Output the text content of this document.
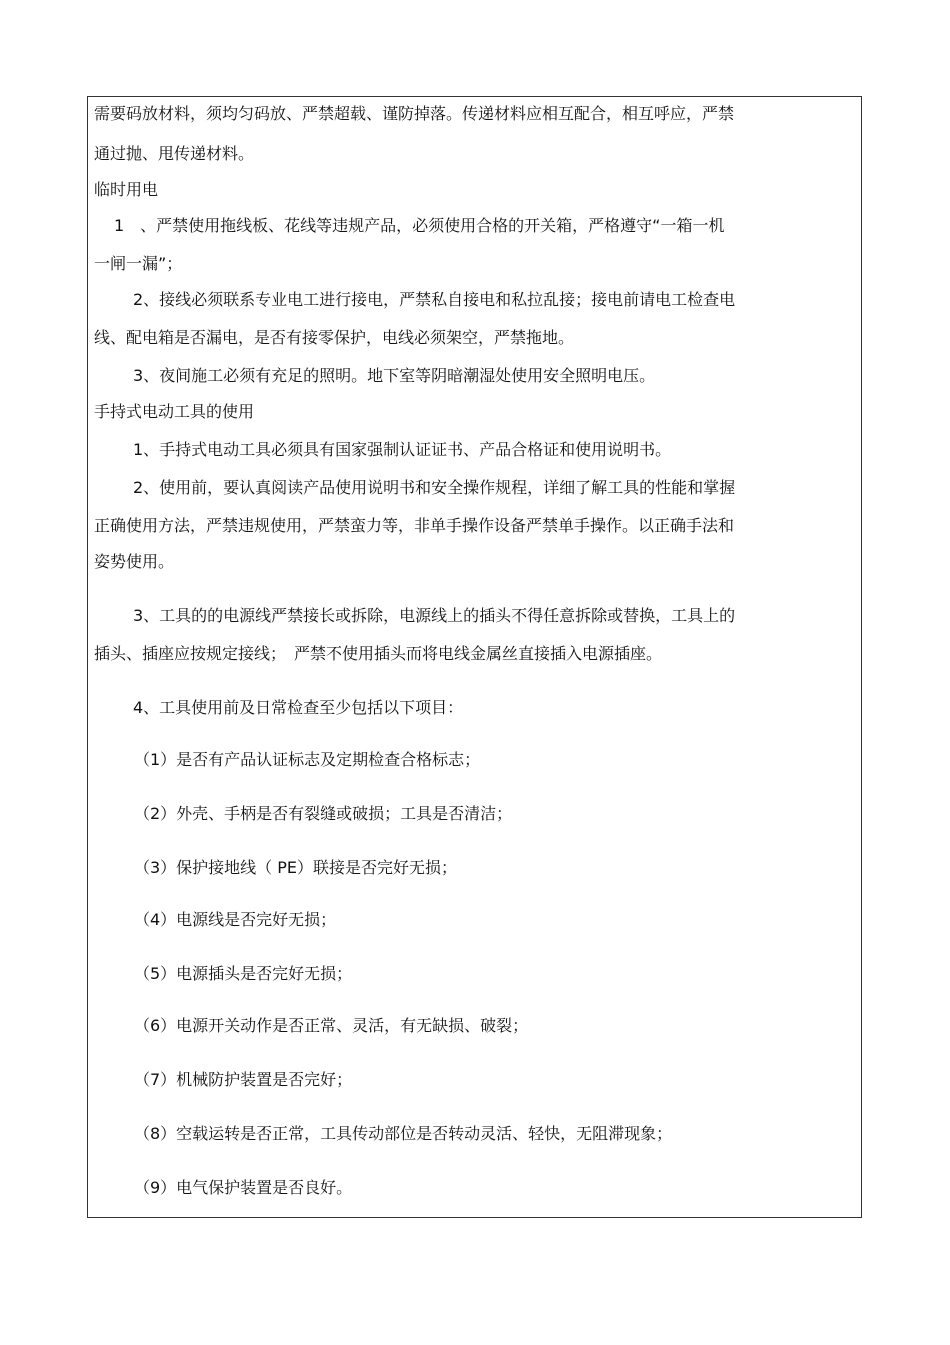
需要码放材料，须均匀码放、严禁超载、谨防掉落。传递材料应相互配合，相互呼应，严禁
通过抛、甩传递材料。
临时用电
1　、严禁使用拖线板、花线等违规产品，必须使用合格的开关箱，严格遵守“一箱一机
一闸一漏”；
2、接线必须联系专业电工进行接电，严禁私自接电和私拉乱接；接电前请电工检查电
线、配电箱是否漏电，是否有接零保护，电线必须架空，严禁拖地。
3、夜间施工必须有充足的照明。地下室等阴暗潮湿处使用安全照明电压。
手持式电动工具的使用
1、手持式电动工具必须具有国家强制认证证书、产品合格证和使用说明书。
2、使用前，要认真阅读产品使用说明书和安全操作规程，详细了解工具的性能和掌握
正确使用方法，严禁违规使用，严禁蛮力等，非单手操作设备严禁单手操作。以正确手法和
姿势使用。
3、工具的的电源线严禁接长或拆除，电源线上的插头不得任意拆除或替换，工具上的
插头、插座应按规定接线；　严禁不使用插头而将电线金属丝直接插入电源插座。
4、工具使用前及日常检查至少包括以下项目：
（1）是否有产品认证标志及定期检查合格标志；
（2）外壳、手柄是否有裂缝或破损；工具是否清洁；
（3）保护接地线（ PE）联接是否完好无损；
（4）电源线是否完好无损；
（5）电源插头是否完好无损；
（6）电源开关动作是否正常、灵活，有无缺损、破裂；
（7）机械防护装置是否完好；
（8）空载运转是否正常，工具传动部位是否转动灵活、轻快，无阻滞现象；
（9）电气保护装置是否良好。
